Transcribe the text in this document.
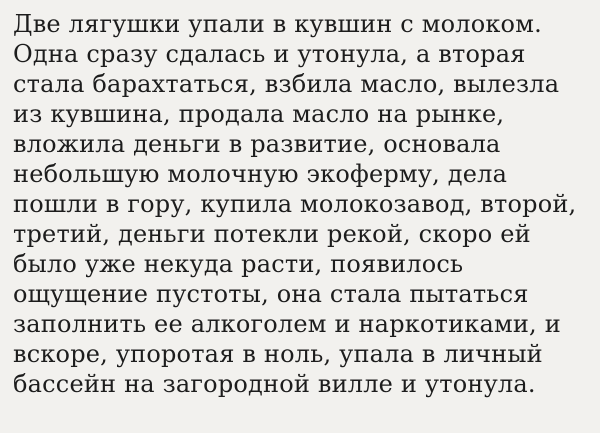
Две лягушки упали в кувшин с молоком.
Одна сразу сдалась и утонула, а вторая
стала барахтаться, взбила масло, вылезла
из кувшина, продала масло на рынке,
вложила деньги в развитие, основала
небольшую молочную экоферму, дела
пошли в гору, купила молокозавод, второй,
третий, деньги потекли рекой, скоро ей
было уже некуда расти, появилось
ощущение пустоты, она стала пытаться
заполнить ее алкоголем и наркотиками, и
вскоре, упоротая в ноль, упала в личный
бассейн на загородной вилле и утонула.
